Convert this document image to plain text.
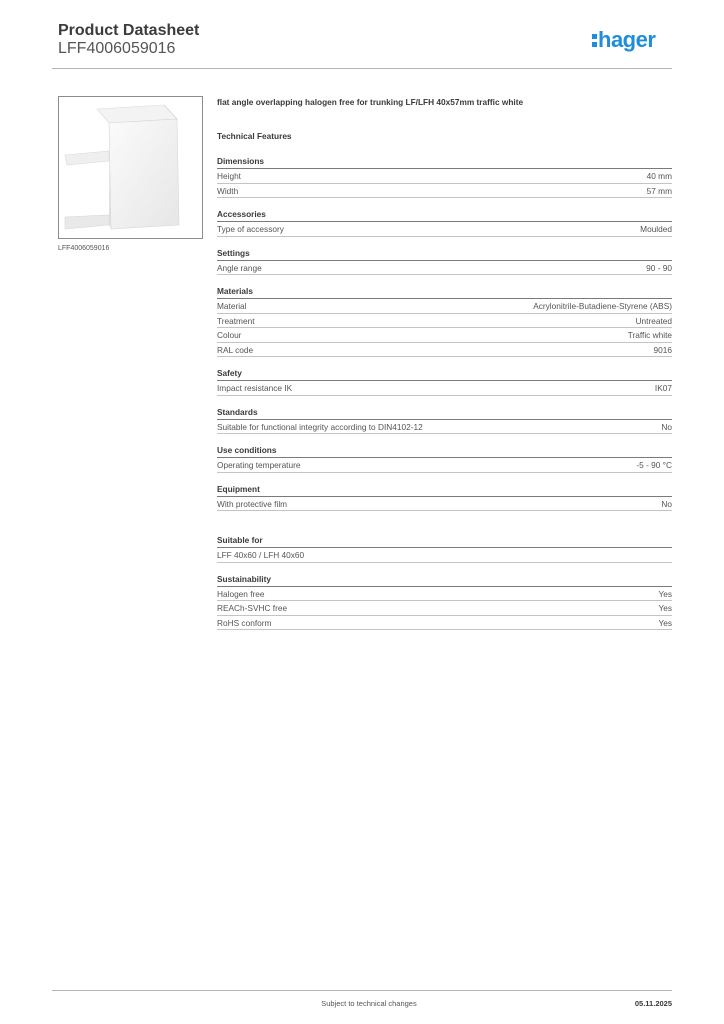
Product Datasheet
LFF4006059016	hager
LFF4006059016
flat angle overlapping halogen free for trunking LF/LFH 40x57mm traffic white
Technical Features
Dimensions
Height	40 mm
Width	57 mm
Accessories
Type of accessory	Moulded
Settings
Angle range	90 - 90
Materials
Material	Acrylonitrile-Butadiene-Styrene (ABS)
Treatment	Untreated
Colour	Traffic white
RAL code	9016
Safety
Impact resistance IK	IK07
Standards
Suitable for functional integrity according to DIN4102-12	No
Use conditions
Operating temperature	-5 - 90 °C
Equipment
With protective film	No
Suitable for
LFF 40x60 / LFH 40x60
Sustainability
Halogen free	Yes
REACh-SVHC free	Yes
RoHS conform	Yes
Subject to technical changes	05.11.2025
